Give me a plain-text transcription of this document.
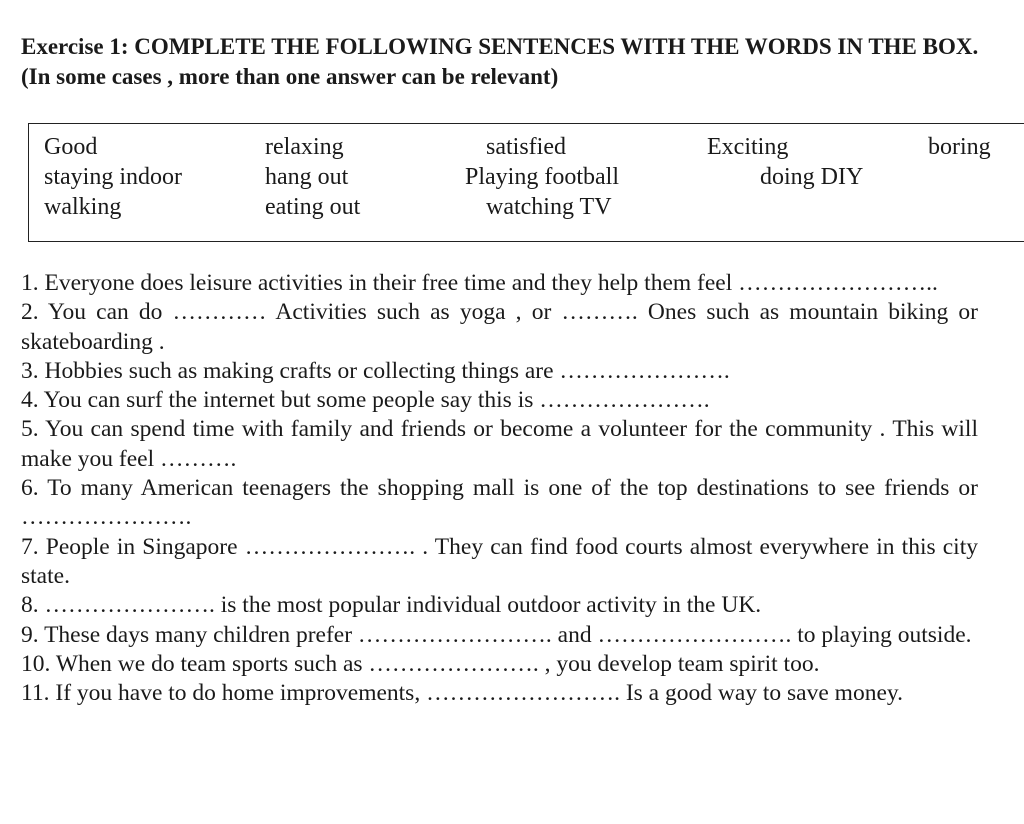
Exercise 1: COMPLETE THE FOLLOWING SENTENCES WITH THE WORDS IN THE BOX. (In some cases , more than one answer can be relevant)
Good	relaxing	satisfied	Exciting	boring
staying indoor	hang out	Playing football	doing DIY
walking	eating out	watching TV
1. Everyone does leisure activities in their free time and they help them feel ……………………..
2. You can do ………… Activities such as yoga , or ………. Ones such as mountain biking or skateboarding .
3. Hobbies such as making crafts or collecting things are ………………….
4. You can surf the internet but some people say this is ………………….
5. You can spend time with family and friends or become a volunteer for the community . This will make you feel ……….
6. To many American teenagers the shopping mall is one of the top destinations to see friends or ………………….
7. People in Singapore …………………. . They can find food courts almost everywhere in this city state.
8. …………………. is the most popular individual outdoor activity in the UK.
9. These days many children prefer ……………………. and ……………………. to playing outside.
10. When we do team sports such as …………………. , you develop team spirit too.
11. If you have to do home improvements, ……………………. Is a good way to save money.
